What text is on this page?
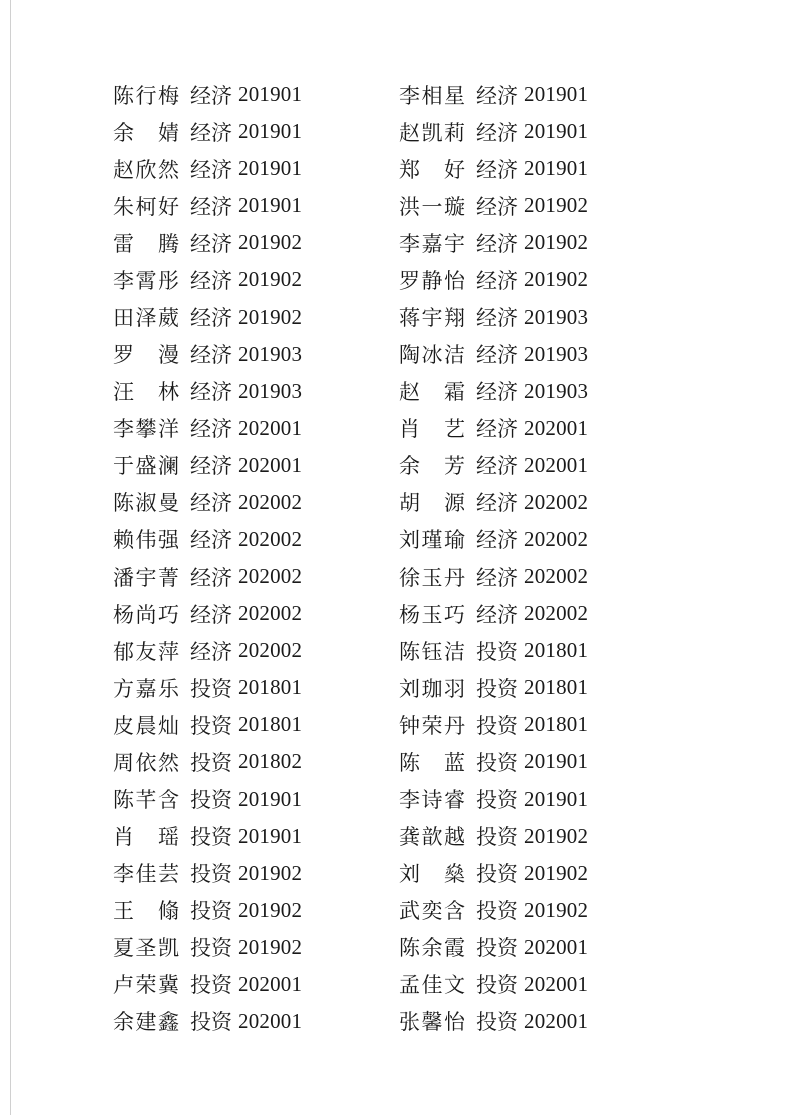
陈行梅 经济 201901
余婧 经济 201901
赵欣然 经济 201901
朱柯好 经济 201901
雷腾 经济 201902
李霄彤 经济 201902
田泽葳 经济 201902
罗漫 经济 201903
汪林 经济 201903
李攀洋 经济 202001
于盛澜 经济 202001
陈淑曼 经济 202002
赖伟强 经济 202002
潘宇菁 经济 202002
杨尚巧 经济 202002
郁友萍 经济 202002
方嘉乐 投资 201801
皮晨灿 投资 201801
周依然 投资 201802
陈芊含 投资 201901
肖瑶 投资 201901
李佳芸 投资 201902
王翛 投资 201902
夏圣凯 投资 201902
卢荣冀 投资 202001
余建鑫 投资 202001
李相星 经济 201901
赵凯莉 经济 201901
郑好 经济 201901
洪一璇 经济 201902
李嘉宇 经济 201902
罗静怡 经济 201902
蒋宇翔 经济 201903
陶冰洁 经济 201903
赵霜 经济 201903
肖艺 经济 202001
余芳 经济 202001
胡源 经济 202002
刘瑾瑜 经济 202002
徐玉丹 经济 202002
杨玉巧 经济 202002
陈钰洁 投资 201801
刘珈羽 投资 201801
钟荣丹 投资 201801
陈蓝 投资 201901
李诗睿 投资 201901
龚歆越 投资 201902
刘燊 投资 201902
武奕含 投资 201902
陈余霞 投资 202001
孟佳文 投资 202001
张馨怡 投资 202001
